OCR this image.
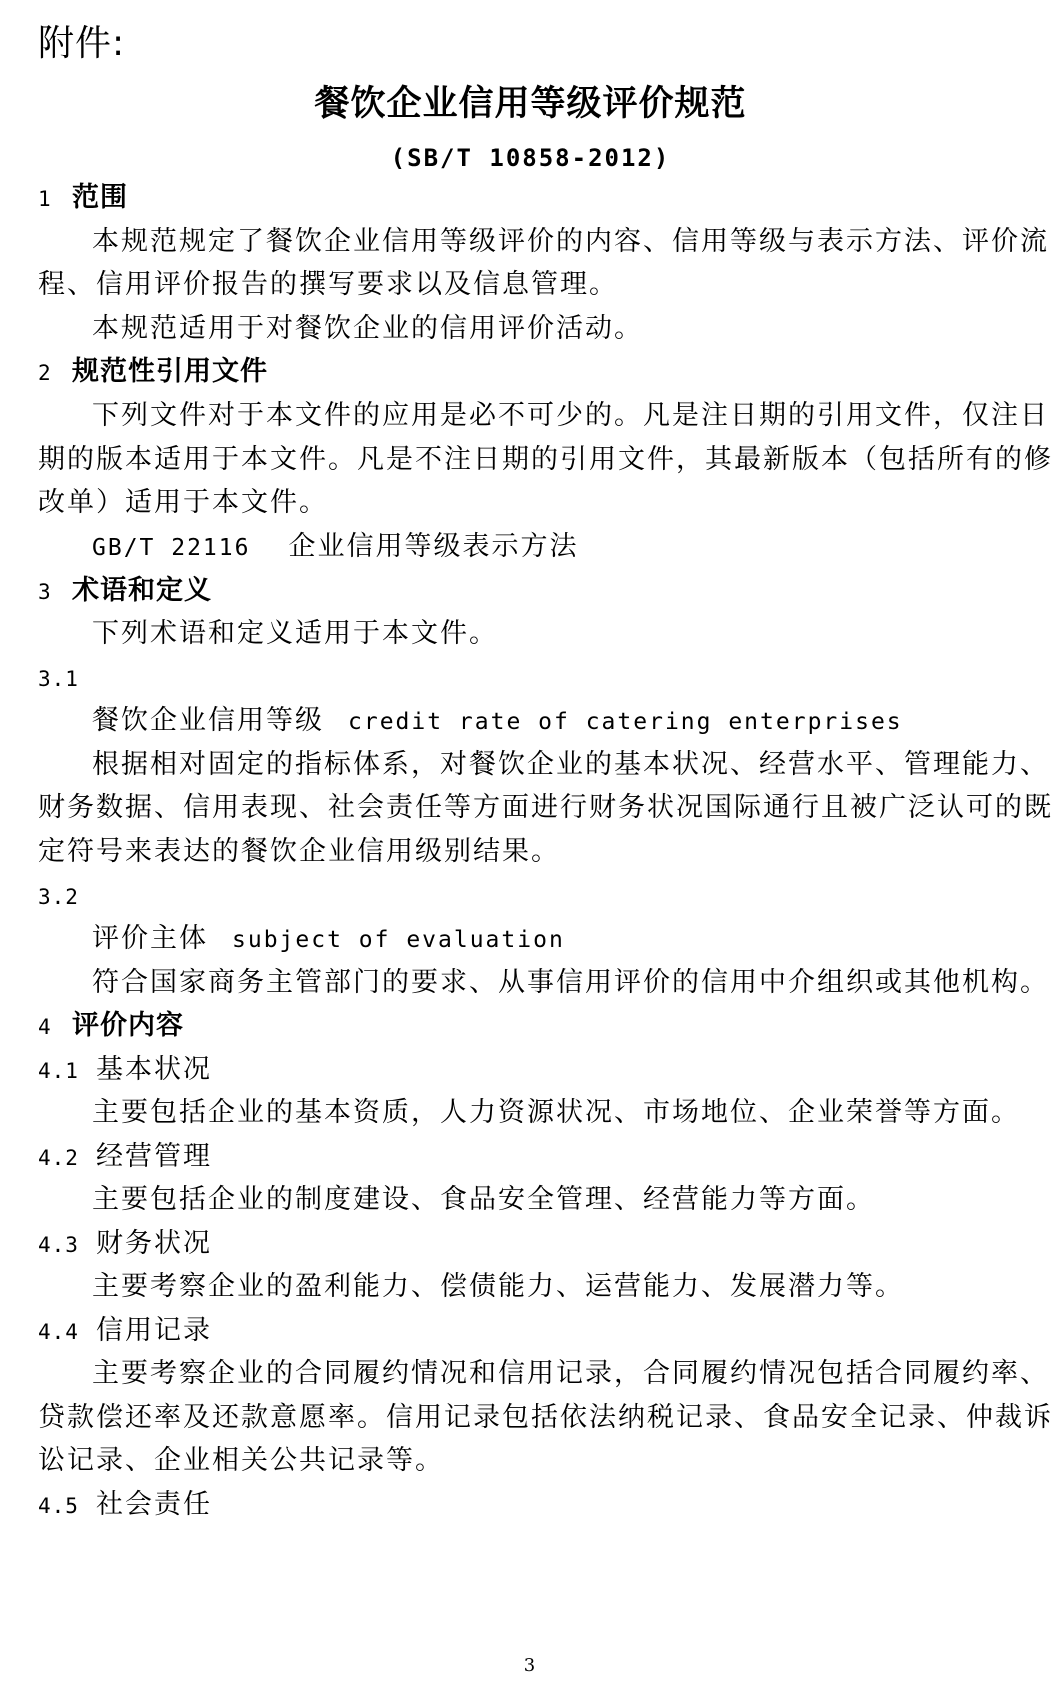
附件:
餐饮企业信用等级评价规范
(SB/T 10858-2012)
1 范围
本规范规定了餐饮企业信用等级评价的内容、信用等级与表示方法、评价流
程、信用评价报告的撰写要求以及信息管理。
本规范适用于对餐饮企业的信用评价活动。
2 规范性引用文件
下列文件对于本文件的应用是必不可少的。凡是注日期的引用文件，仅注日
期的版本适用于本文件。凡是不注日期的引用文件，其最新版本（包括所有的修
改单）适用于本文件。
GB/T 22116 企业信用等级表示方法
3 术语和定义
下列术语和定义适用于本文件。
3.1
餐饮企业信用等级 credit rate of catering enterprises
根据相对固定的指标体系，对餐饮企业的基本状况、经营水平、管理能力、
财务数据、信用表现、社会责任等方面进行财务状况国际通行且被广泛认可的既
定符号来表达的餐饮企业信用级别结果。
3.2
评价主体 subject of evaluation
符合国家商务主管部门的要求、从事信用评价的信用中介组织或其他机构。
4 评价内容
4.1 基本状况
主要包括企业的基本资质，人力资源状况、市场地位、企业荣誉等方面。
4.2 经营管理
主要包括企业的制度建设、食品安全管理、经营能力等方面。
4.3 财务状况
主要考察企业的盈利能力、偿债能力、运营能力、发展潜力等。
4.4 信用记录
主要考察企业的合同履约情况和信用记录，合同履约情况包括合同履约率、
贷款偿还率及还款意愿率。信用记录包括依法纳税记录、食品安全记录、仲裁诉
讼记录、企业相关公共记录等。
4.5 社会责任
3
